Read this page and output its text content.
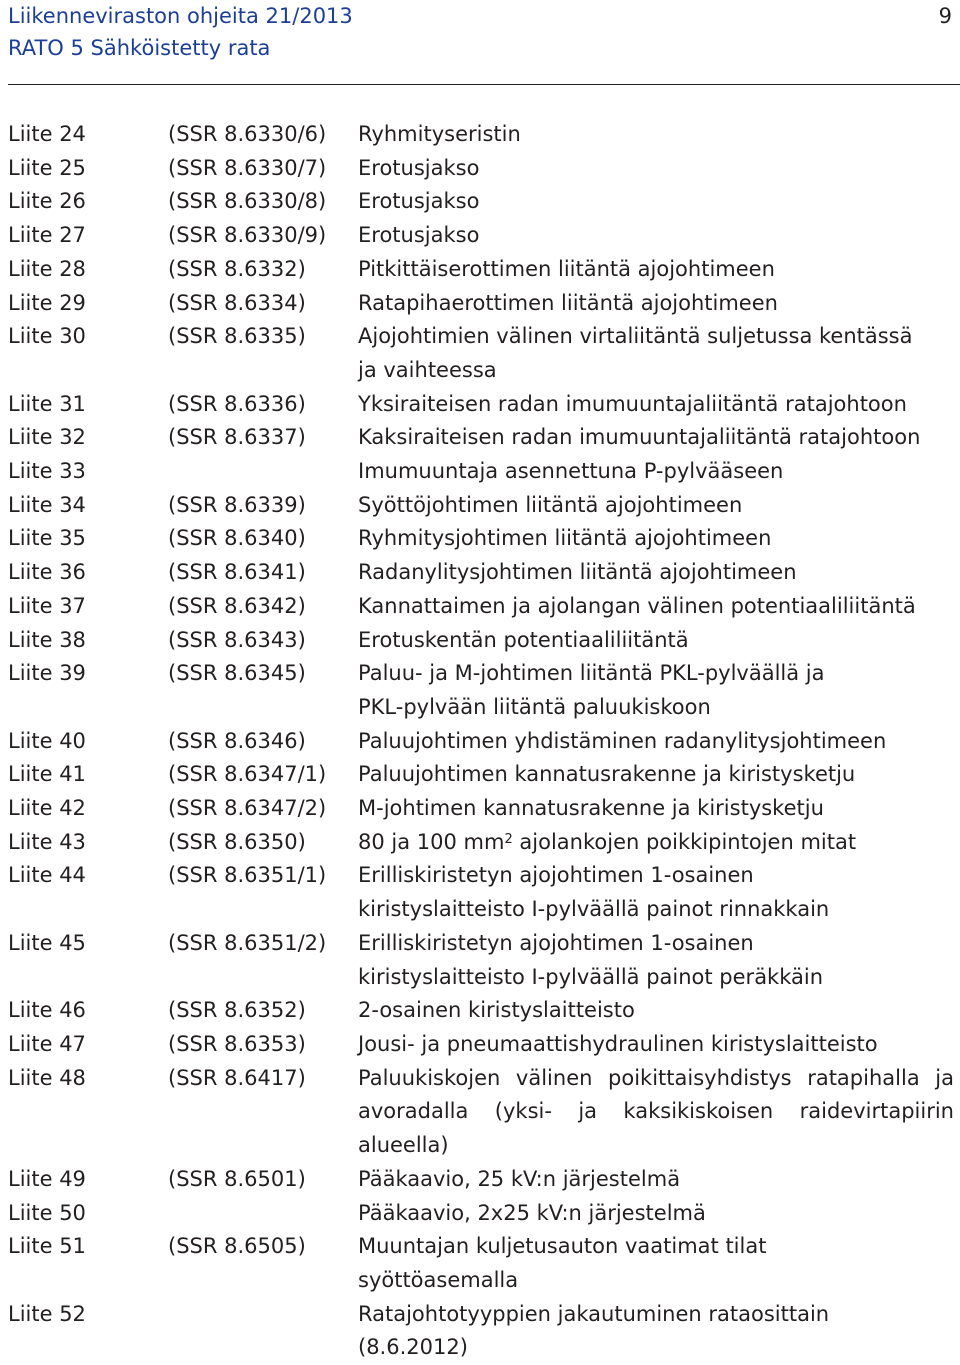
Liikenneviraston ohjeita 21/2013
RATO 5 Sähköistetty rata
9
Liite 24	(SSR 8.6330/6) Ryhmityseristin
Liite 25	(SSR 8.6330/7) Erotusjakso
Liite 26	(SSR 8.6330/8) Erotusjakso
Liite 27	(SSR 8.6330/9) Erotusjakso
Liite 28	(SSR 8.6332) Pitkittäiserottimen liitäntä ajojohtimeen
Liite 29	(SSR 8.6334) Ratapihaerottimen liitäntä ajojohtimeen
Liite 30	(SSR 8.6335) Ajojohtimien välinen virtaliitäntä suljetussa kentässä
ja vaihteessa
Liite 31	(SSR 8.6336) Yksiraiteisen radan imumuuntajaliitäntä ratajohtoon
Liite 32	(SSR 8.6337) Kaksiraiteisen radan imumuuntajaliitäntä ratajohtoon
Liite 33	Imumuuntaja asennettuna P-pylvääseen
Liite 34	(SSR 8.6339) Syöttöjohtimen liitäntä ajojohtimeen
Liite 35	(SSR 8.6340) Ryhmitysjohtimen liitäntä ajojohtimeen
Liite 36	(SSR 8.6341) Radanylitysjohtimen liitäntä ajojohtimeen
Liite 37	(SSR 8.6342) Kannattaimen ja ajolangan välinen potentiaaliliitäntä
Liite 38	(SSR 8.6343) Erotuskentän potentiaaliliitäntä
Liite 39	(SSR 8.6345) Paluu- ja M-johtimen liitäntä PKL-pylväällä ja
PKL-pylvään liitäntä paluukiskoon
Liite 40	(SSR 8.6346) Paluujohtimen yhdistäminen radanylitysjohtimeen
Liite 41	(SSR 8.6347/1) Paluujohtimen kannatusrakenne ja kiristysketju
Liite 42	(SSR 8.6347/2) M-johtimen kannatusrakenne ja kiristysketju
Liite 43	(SSR 8.6350) 80 ja 100 $mm^2$ ajolankojen poikkipintojen mitat
Liite 44	(SSR 8.6351/1) Erilliskiristetyn ajojohtimen 1-osainen
kiristyslaitteisto I-pylväällä painot rinnakkain
Liite 45	(SSR 8.6351/2) Erilliskiristetyn ajojohtimen 1-osainen
kiristyslaitteisto I-pylväällä painot peräkkäin
Liite 46	(SSR 8.6352) 2-osainen kiristyslaitteisto
Liite 47	(SSR 8.6353) Jousi- ja pneumaattishydraulinen kiristyslaitteisto
Liite 48	(SSR 8.6417) Paluukiskojen välinen poikittaisyhdistys ratapihalla ja
avoradalla (yksi- ja kaksikiskoisen raidevirtapiirin
alueella)
Liite 49	(SSR 8.6501) Pääkaavio, 25 kV:n järjestelmä
Liite 50	Pääkaavio, 2x25 kV:n järjestelmä
Liite 51	(SSR 8.6505) Muuntajan kuljetusauton vaatimat tilat
syöttöasemalla
Liite 52	Ratajohtotyyppien jakautuminen rataosittain
(8.6.2012)
